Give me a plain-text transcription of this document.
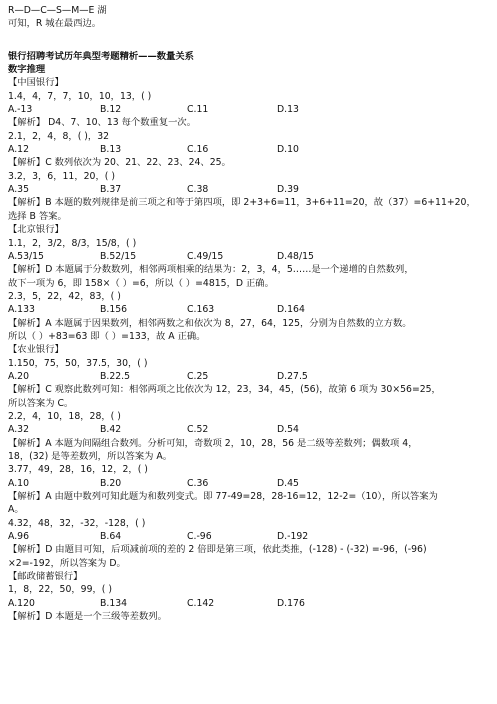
R—D—C—S—M—E 湖
可知，R 城在最西边。
银行招聘考试历年典型考题精析——数量关系
数字推理
【中国银行】
1.4，4，7，7，10，10，13，( )
A.-13	B.12	C.11	D.13
【解析】 D4、7、10、13 每个数重复一次。
2.1，2，4，8，( )，32
A.12	B.13	C.16	D.10
【解析】C 数列依次为 20、21、22、23、24、25。
3.2，3，6，11，20，( )
A.35	B.37	C.38	D.39
【解析】B 本题的数列规律是前三项之和等于第四项，即 2+3+6=11，3+6+11=20，故（37）=6+11+20，
选择 B 答案。
【北京银行】
1.1，2，3/2，8/3，15/8，( )
A.53/15	B.52/15	C.49/15	D.48/15
【解析】D 本题属于分数数列，相邻两项相乘的结果为：2，3，4，5……是一个递增的自然数列，
故下一项为 6，即 158×（ ）=6，所以（ ）=4815，D 正确。
2.3，5，22，42，83，( )
A.133	B.156	C.163	D.164
【解析】A 本题属于因果数列，相邻两数之和依次为 8，27，64，125，分别为自然数的立方数。
所以（ ）+83=63 即（ ）=133，故 A 正确。
【农业银行】
1.150，75，50，37.5，30，( )
A.20	B.22.5	C.25	D.27.5
【解析】C 观察此数列可知：相邻两项之比依次为 12，23，34，45，(56)，故第 6 项为 30×56=25，
所以答案为 C。
2.2，4，10，18，28，( )
A.32	B.42	C.52	D.54
【解析】A 本题为间隔组合数列。分析可知，奇数项 2，10，28，56 是二级等差数列；偶数项 4，
18，(32) 是等差数列，所以答案为 A。
3.77，49，28，16，12，2，( )
A.10	B.20	C.36	D.45
【解析】A 由题中数列可知此题为和数列变式。即 77-49=28，28-16=12，12-2=（10），所以答案为
A。
4.32，48，32，-32，-128，( )
A.96	B.64	C.-96	D.-192
【解析】D 由题目可知，后项减前项的差的 2 倍即是第三项，依此类推，(-128) - (-32) =-96，(-96)
×2=-192，所以答案为 D。
【邮政储蓄银行】
1，8，22，50，99，( )
A.120	B.134	C.142	D.176
【解析】D 本题是一个三级等差数列。
